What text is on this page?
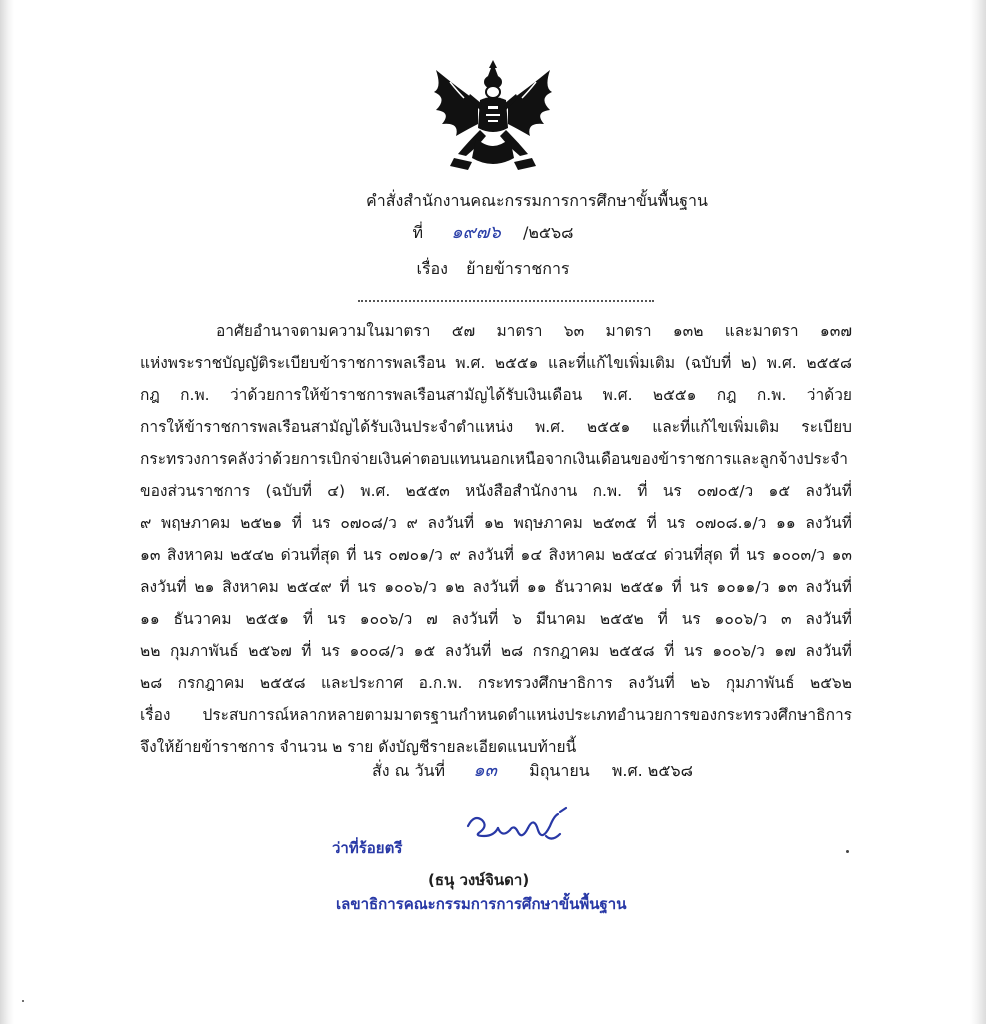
คำสั่งสำนักงานคณะกรรมการการศึกษาขั้นพื้นฐาน
ที่ ๑๙๗๖ /๒๕๖๘
เรื่อง ย้ายข้าราชการ
อาศัยอำนาจตามความในมาตรา ๕๗ มาตรา ๖๓ มาตรา ๑๓๒ และมาตรา ๑๓๗
แห่งพระราชบัญญัติระเบียบข้าราชการพลเรือน พ.ศ. ๒๕๕๑ และที่แก้ไขเพิ่มเติม (ฉบับที่ ๒) พ.ศ. ๒๕๕๘
กฎ ก.พ. ว่าด้วยการให้ข้าราชการพลเรือนสามัญได้รับเงินเดือน พ.ศ. ๒๕๕๑ กฎ ก.พ. ว่าด้วย
การให้ข้าราชการพลเรือนสามัญได้รับเงินประจำตำแหน่ง พ.ศ. ๒๕๕๑ และที่แก้ไขเพิ่มเติม ระเบียบ
กระทรวงการคลังว่าด้วยการเบิกจ่ายเงินค่าตอบแทนนอกเหนือจากเงินเดือนของข้าราชการและลูกจ้างประจำ
ของส่วนราชการ (ฉบับที่ ๔) พ.ศ. ๒๕๕๓ หนังสือสำนักงาน ก.พ. ที่ นร ๐๗๐๕/ว ๑๕ ลงวันที่
๙ พฤษภาคม ๒๕๒๑ ที่ นร ๐๗๐๘/ว ๙ ลงวันที่ ๑๒ พฤษภาคม ๒๕๓๕ ที่ นร ๐๗๐๘.๑/ว ๑๑ ลงวันที่
๑๓ สิงหาคม ๒๕๔๒ ด่วนที่สุด ที่ นร ๐๗๐๑/ว ๙ ลงวันที่ ๑๔ สิงหาคม ๒๕๔๔ ด่วนที่สุด ที่ นร ๑๐๐๓/ว ๑๓
ลงวันที่ ๒๑ สิงหาคม ๒๕๔๙ ที่ นร ๑๐๐๖/ว ๑๒ ลงวันที่ ๑๑ ธันวาคม ๒๕๕๑ ที่ นร ๑๐๑๑/ว ๑๓ ลงวันที่
๑๑ ธันวาคม ๒๕๕๑ ที่ นร ๑๐๐๖/ว ๗ ลงวันที่ ๖ มีนาคม ๒๕๕๒ ที่ นร ๑๐๐๖/ว ๓ ลงวันที่
๒๒ กุมภาพันธ์ ๒๕๖๗ ที่ นร ๑๐๐๘/ว ๑๕ ลงวันที่ ๒๘ กรกฎาคม ๒๕๕๘ ที่ นร ๑๐๐๖/ว ๑๗ ลงวันที่
๒๘ กรกฎาคม ๒๕๕๘ และประกาศ อ.ก.พ. กระทรวงศึกษาธิการ ลงวันที่ ๒๖ กุมภาพันธ์ ๒๕๖๒
เรื่อง ประสบการณ์หลากหลายตามมาตรฐานกำหนดตำแหน่งประเภทอำนวยการของกระทรวงศึกษาธิการ
จึงให้ย้ายข้าราชการ จำนวน ๒ ราย ดังบัญชีรายละเอียดแนบท้ายนี้
สั่ง ณ วันที่ ๑๓ มิถุนายน พ.ศ. ๒๕๖๘
ว่าที่ร้อยตรี
(ธนุ วงษ์จินดา)
เลขาธิการคณะกรรมการการศึกษาขั้นพื้นฐาน
